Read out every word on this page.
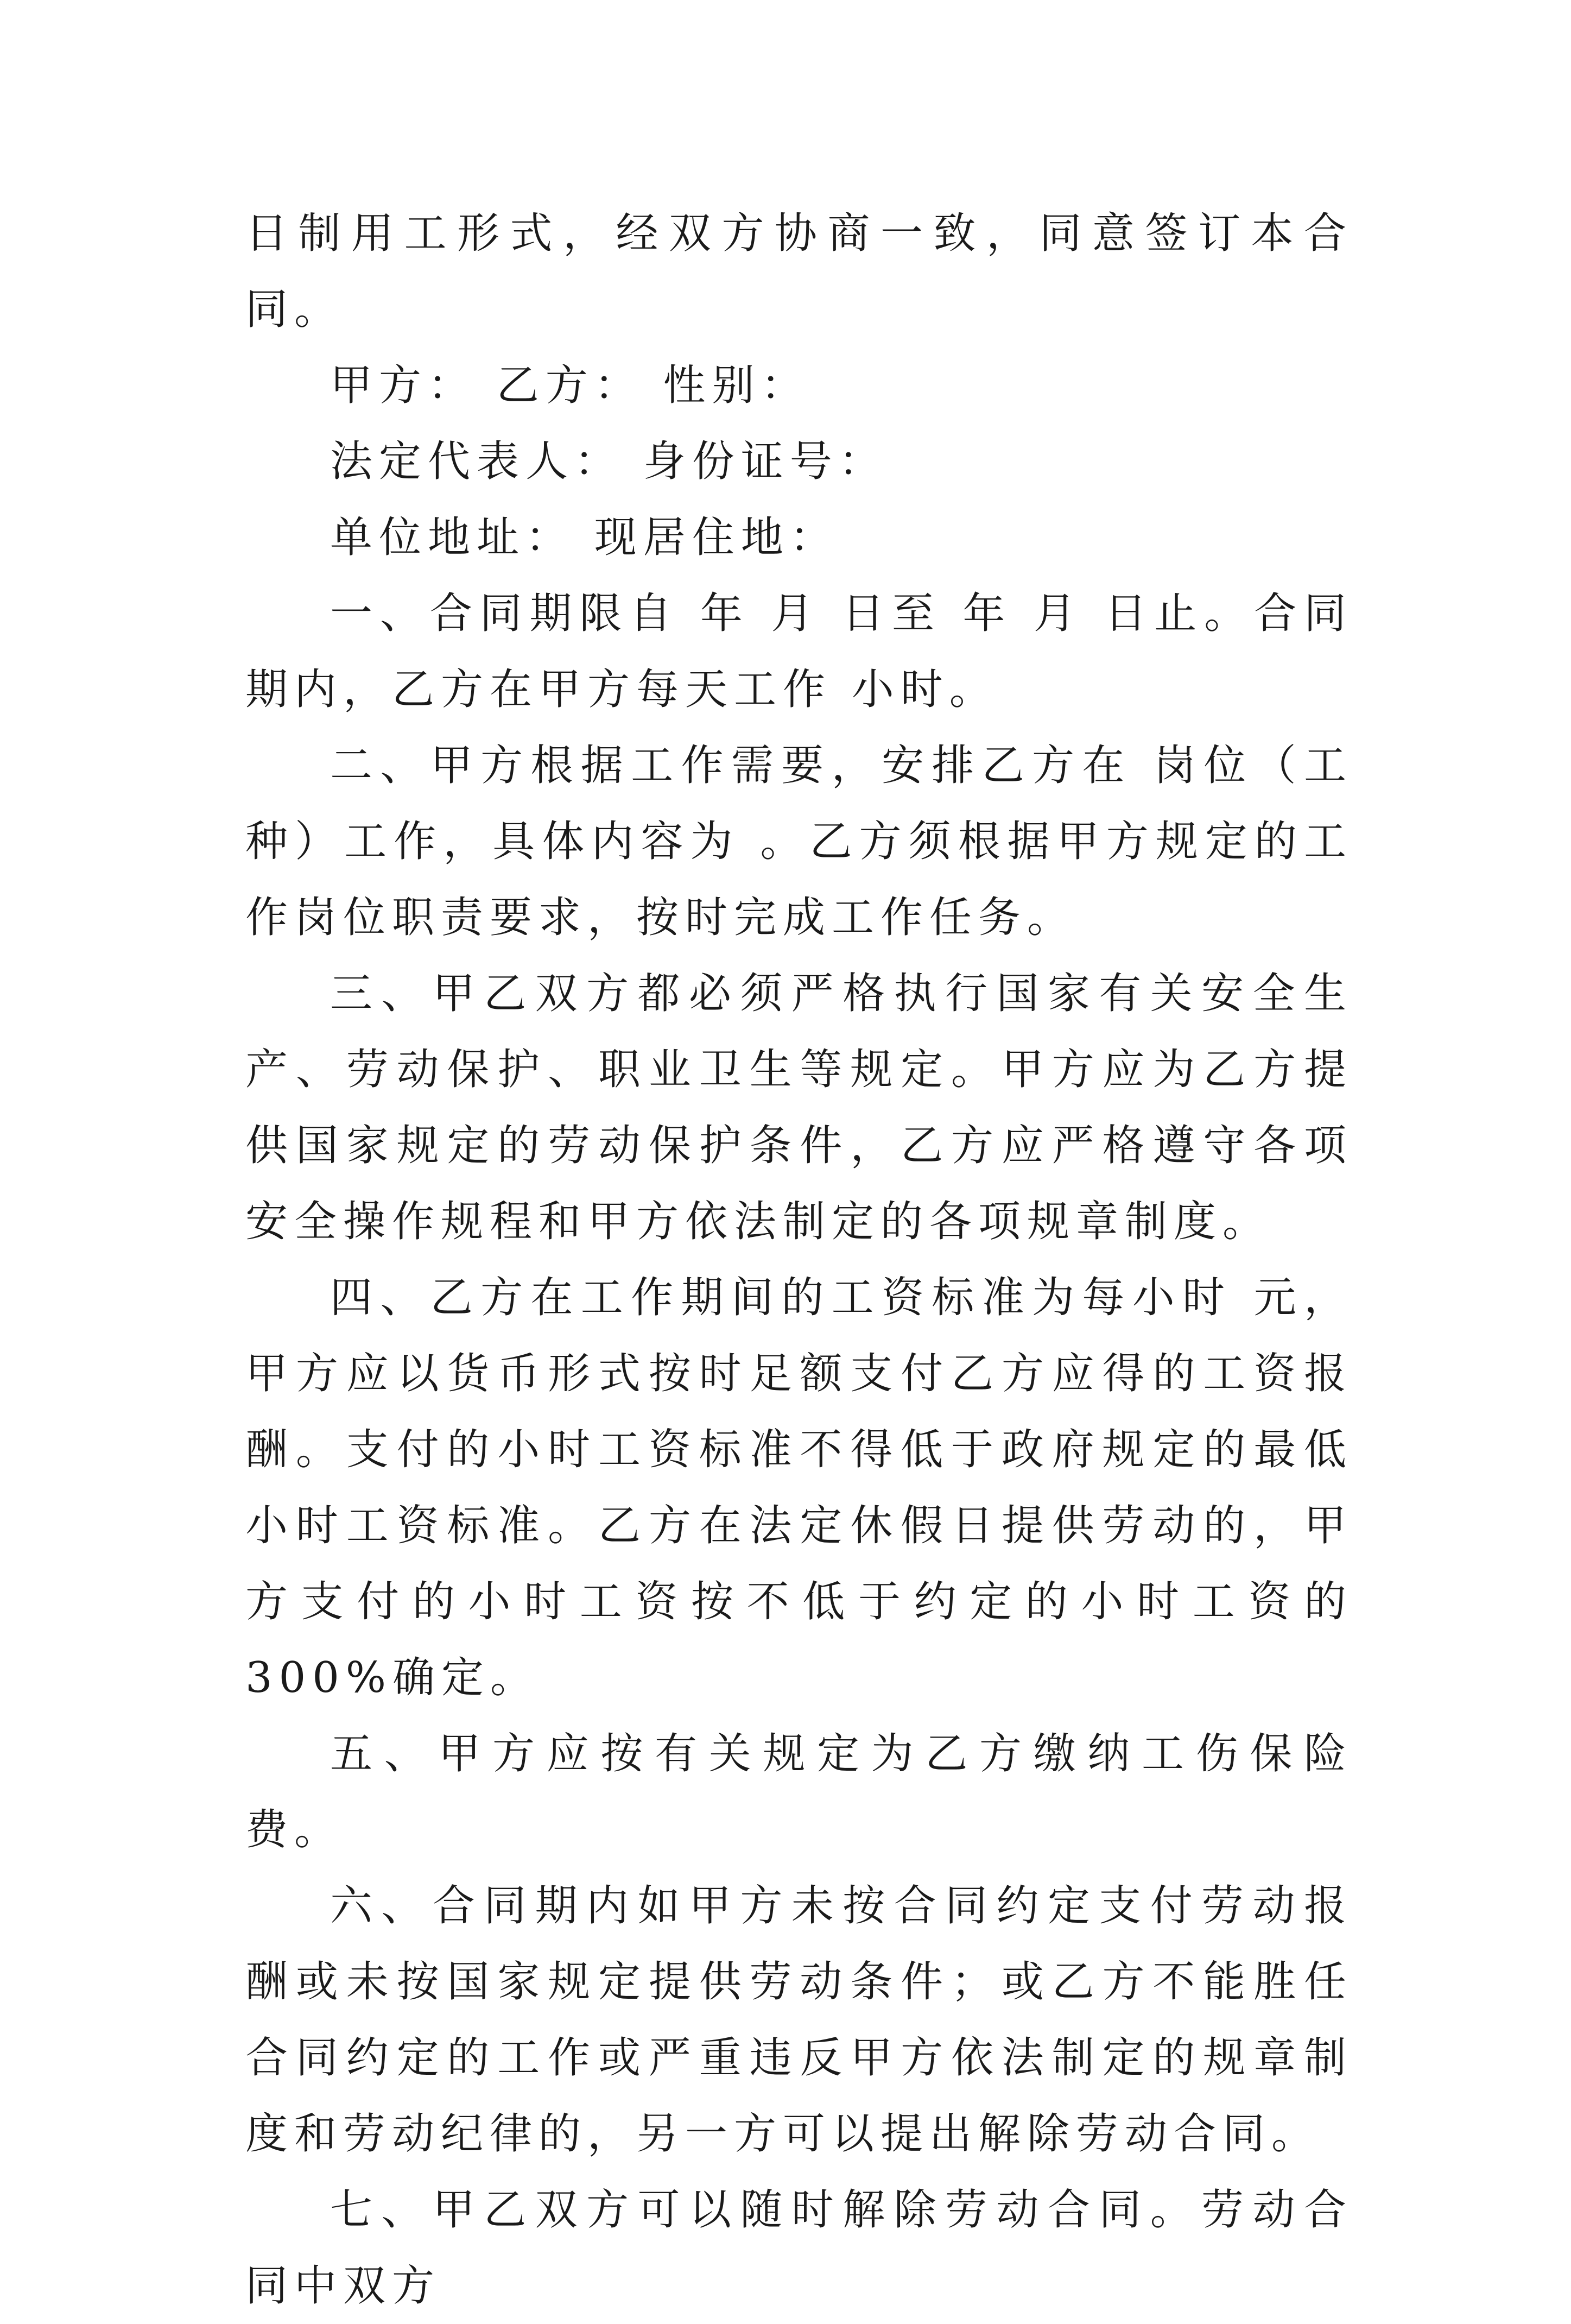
日制用工形式，经双方协商一致，同意签订本合同。

甲方： 乙方： 性别：

法定代表人： 身份证号：

单位地址： 现居住地：

一、合同期限自 年 月 日至 年 月 日止。合同期内，乙方在甲方每天工作 小时。

二、甲方根据工作需要，安排乙方在 岗位（工种）工作，具体内容为 。乙方须根据甲方规定的工作岗位职责要求，按时完成工作任务。

三、甲乙双方都必须严格执行国家有关安全生产、劳动保护、职业卫生等规定。甲方应为乙方提供国家规定的劳动保护条件，乙方应严格遵守各项安全操作规程和甲方依法制定的各项规章制度。

四、乙方在工作期间的工资标准为每小时 元，甲方应以货币形式按时足额支付乙方应得的工资报酬。支付的小时工资标准不得低于政府规定的最低小时工资标准。乙方在法定休假日提供劳动的，甲方支付的小时工资按不低于约定的小时工资的300%确定。

五、甲方应按有关规定为乙方缴纳工伤保险费。

六、合同期内如甲方未按合同约定支付劳动报酬或未按国家规定提供劳动条件；或乙方不能胜任合同约定的工作或严重违反甲方依法制定的规章制度和劳动纪律的，另一方可以提出解除劳动合同。

七、甲乙双方可以随时解除劳动合同。劳动合同中双方
